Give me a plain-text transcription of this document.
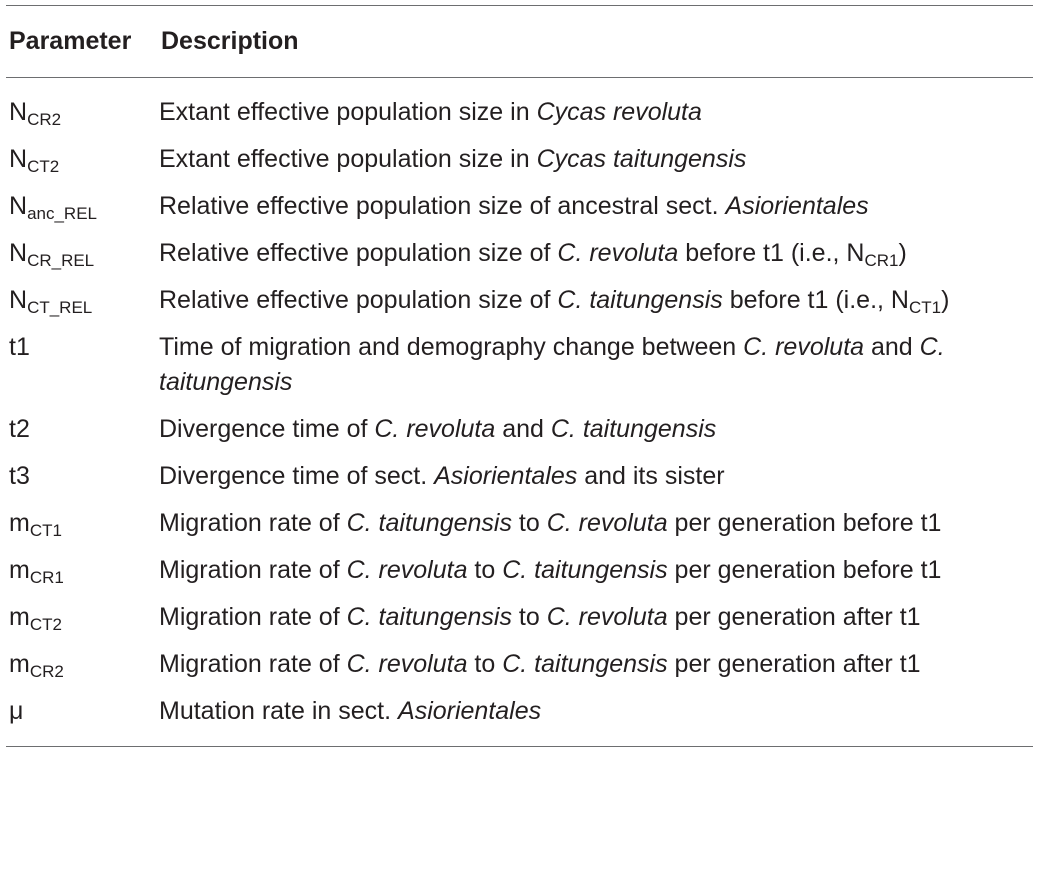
Parameter	Description
$N_{CR2}$	Extant effective population size in Cycas revoluta
$N_{CT2}$	Extant effective population size in Cycas taitungensis
$N_{anc\_REL}$	Relative effective population size of ancestral sect. Asiorientales
$N_{CR\_REL}$	Relative effective population size of C. revoluta before t1 (i.e., $N_{CR1}$)
$N_{CT\_REL}$	Relative effective population size of C. taitungensis before t1 (i.e., $N_{CT1}$)
t1	Time of migration and demography change between C. revoluta and C. taitungensis
t2	Divergence time of C. revoluta and C. taitungensis
t3	Divergence time of sect. Asiorientales and its sister
$m_{CT1}$	Migration rate of C. taitungensis to C. revoluta per generation before t1
$m_{CR1}$	Migration rate of C. revoluta to C. taitungensis per generation before t1
$m_{CT2}$	Migration rate of C. taitungensis to C. revoluta per generation after t1
$m_{CR2}$	Migration rate of C. revoluta to C. taitungensis per generation after t1
μ	Mutation rate in sect. Asiorientales
